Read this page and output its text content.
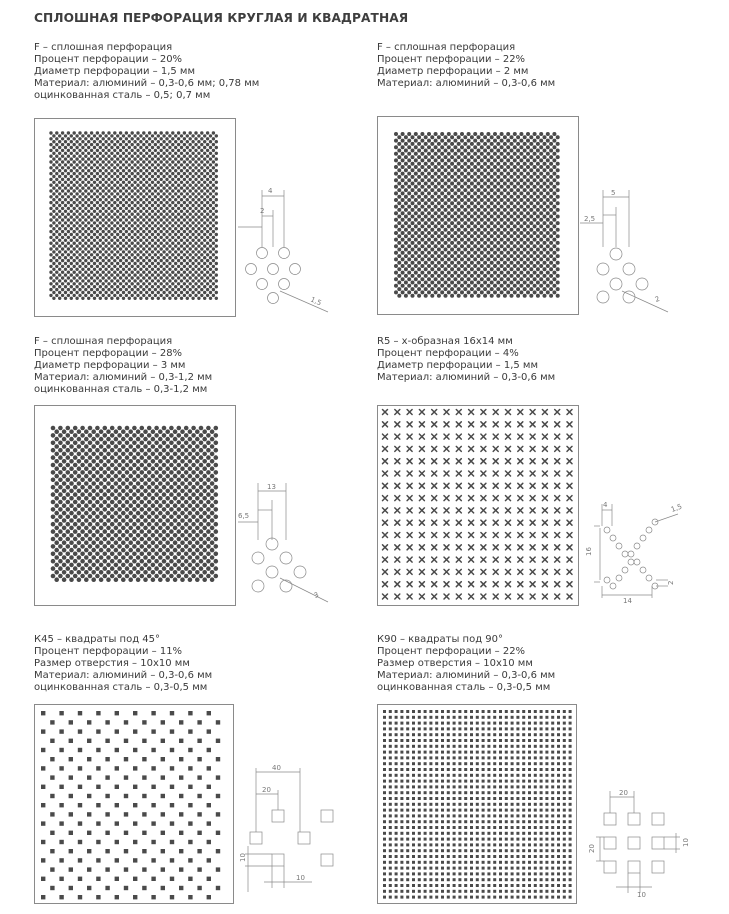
СПЛОШНАЯ ПЕРФОРАЦИЯ КРУГЛАЯ И КВАДРАТНАЯ
F – сплошная перфорация
Процент перфорации – 20%
Диаметр перфорации – 1,5 мм
Материал: алюминий – 0,3-0,6 мм; 0,78 мм
оцинкованная сталь – 0,5; 0,7 мм
4
2
1,5
F – сплошная перфорация
Процент перфорации – 22%
Диаметр перфорации – 2 мм
Материал: алюминий – 0,3-0,6 мм
5
2,5
2
F – сплошная перфорация
Процент перфорации – 28%
Диаметр перфорации – 3 мм
Материал: алюминий – 0,3-1,2 мм
оцинкованная сталь – 0,3-1,2 мм
13
6,5
3
R5 – х-образная 16х14 мм
Процент перфорации – 4%
Диаметр перфорации – 1,5 мм
Материал: алюминий – 0,3-0,6 мм
4	1,5
16
14
2
К45 – квадраты под 45°
Процент перфорации – 11%
Размер отверстия – 10х10 мм
Материал: алюминий – 0,3-0,6 мм
оцинкованная сталь – 0,3-0,5 мм
40
20
10
10
К90 – квадраты под 90°
Процент перфорации – 22%
Размер отверстия – 10х10 мм
Материал: алюминий – 0,3-0,6 мм
оцинкованная сталь – 0,3-0,5 мм
20
20
10
10
